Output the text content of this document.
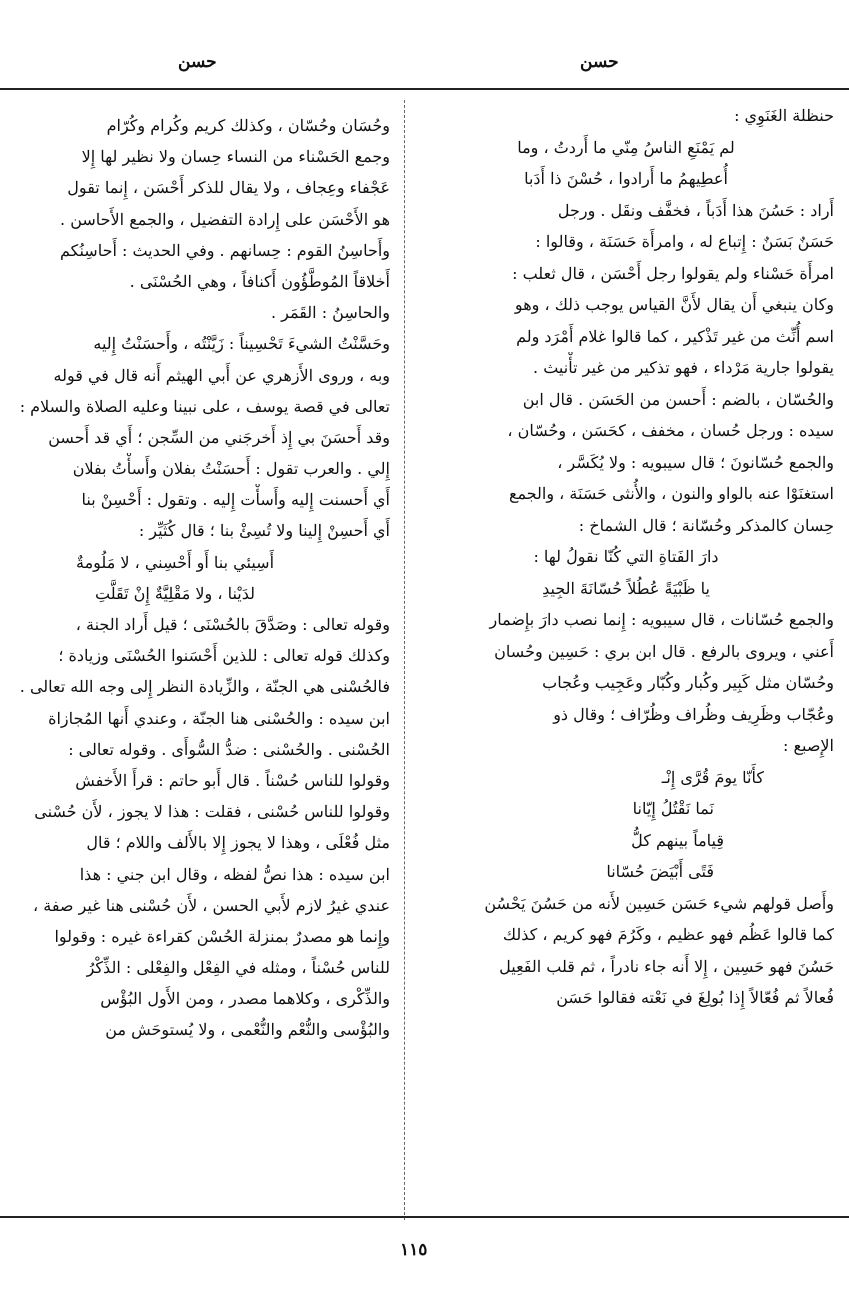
حسن
حسن
حنظلة الغَنَوِي :
لم يَمْنَعِ الناسُ مِنّي ما أَردتُ ، وما
أُعطِيهمُ ما أَرادوا ، حُسْنَ ذا أَدَبا
أَراد : حَسُنَ هذا أَدَباً ، فخفَّف ونقَل . ورجل
حَسَنٌ بَسَنٌ : إِتباع له ، وامرأَة حَسَنَة ، وقالوا :
امرأَة حَسْناء ولم يقولوا رجل أَحْسَن ، قال ثعلب :
وكان ينبغي أَن يقال لأَنَّ القياس يوجب ذلك ، وهو
اسم أُنِّث من غير تَذْكير ، كما قالوا غلام أَمْرَد ولم
يقولوا جارية مَرْداء ، فهو تذكير من غير تأْنيث .
والحُسّان ، بالضم : أَحسن من الحَسَن . قال ابن
سيده : ورجل حُسان ، مخفف ، كحَسَن ، وحُسّان ،
والجمع حُسّانونَ ؛ قال سيبويه : ولا يُكَسَّر ،
استغنَوْا عنه بالواو والنون ، والأُنثى حَسَنَة ، والجمع
حِسان كالمذكر وحُسّانة ؛ قال الشماخ :
دارَ الفَتاةِ التي كُنّا نقولُ لها :
يا ظَبْيَةً عُطُلاً حُسّانَةَ الجِيدِ
والجمع حُسّانات ، قال سيبويه : إِنما نصب دارَ بإِضمار
أَعني ، ويروى بالرفع . قال ابن بري : حَسِين وحُسان
وحُسّان مثل كَبِير وكُبار وكُبّار وعَجِيب وعُجاب
وعُجّاب وظَرِيف وظُراف وظُرّاف ؛ وقال ذو
الإِصبع :
كأَنّا يومَ قُرَّى إِنْـ
نَما نَقْتُلُ إِيّانا
قِياماً بينهم كلُّ
فَتًى أَبْيَضَ حُسّانا
وأَصل قولهم شيء حَسَن حَسِين لأَنه من حَسُنَ يَحْسُن
كما قالوا عَظُم فهو عظيم ، وكَرُمَ فهو كريم ، كذلك
حَسُنَ فهو حَسِين ، إِلا أَنه جاء نادراً ، ثم قلب الفَعِيل
فُعالاً ثم فُعّالاً إِذا بُولِغَ في نَعْته فقالوا حَسَن
وحُسَان وحُسّان ، وكذلك كريم وكُرام وكُرّام
وجمع الحَسْناء من النساء حِسان ولا نظير لها إِلا
عَجْفاء وعِجاف ، ولا يقال للذكر أَحْسَن ، إِنما تقول
هو الأَحْسَن على إِرادة التفضيل ، والجمع الأَحاسن .
وأَحاسِنُ القوم : حِسانهم . وفي الحديث : أَحاسِنُكم
أَخلاقاً المُوطَّؤُون أَكنافاً ، وهي الحُسْنَى .
والحاسِنُ : القَمَر .
وحَسَّنْتُ الشيءَ تَحْسِيناً : زَيَّنْتُه ، وأَحسَنْتُ إِليه
وبه ، وروى الأَزهري عن أَبي الهيثم أَنه قال في قوله
تعالى في قصة يوسف ، على نبينا وعليه الصلاة والسلام :
وقد أَحسَنَ بي إِذ أَخرجَني من السِّجن ؛ أَي قد أَحسن
إِلي . والعرب تقول : أَحسَنْتُ بفلان وأَسأْتُ بفلان
أَي أَحسنت إِليه وأَسأْت إِليه . وتقول : أَحْسِنْ بنا
أَي أَحسِنْ إِلينا ولا تُسِئْ بنا ؛ قال كُثَيِّر :
أَسِيئي بنا أَو أَحْسِني ، لا مَلُومةٌ
لدَيْنا ، ولا مَقْلِيَّةٌ إِنْ تَقَلَّتِ
وقوله تعالى : وصَدَّقَ بالحُسْنَى ؛ قيل أَراد الجنة ،
وكذلك قوله تعالى : للذين أَحْسَنوا الحُسْنَى وزيادة ؛
فالحُسْنى هي الجنّة ، والزِّيادة النظر إِلى وجه الله تعالى .
ابن سيده : والحُسْنى هنا الجنّة ، وعندي أَنها المُجازاة
الحُسْنى . والحُسْنى : ضدُّ السُّوأَى . وقوله تعالى :
وقولوا للناس حُسْناً . قال أَبو حاتم : قرأَ الأَخفش
وقولوا للناس حُسْنى ، فقلت : هذا لا يجوز ، لأَن حُسْنى
مثل فُعْلَى ، وهذا لا يجوز إِلا بالأَلف واللام ؛ قال
ابن سيده : هذا نصُّ لفظه ، وقال ابن جني : هذا
عندي غيرُ لازم لأَبي الحسن ، لأَن حُسْنى هنا غير صفة ،
وإِنما هو مصدرٌ بمنزلة الحُسْن كقراءة غيره : وقولوا
للناس حُسْناً ، ومثله في الفِعْل والفِعْلى : الذِّكْرُ
والذِّكْرى ، وكلاهما مصدر ، ومن الأَول البُؤْس
والبُؤْسى والنُّعْم والنُّعْمى ، ولا يُستوحَش من
١١٥
